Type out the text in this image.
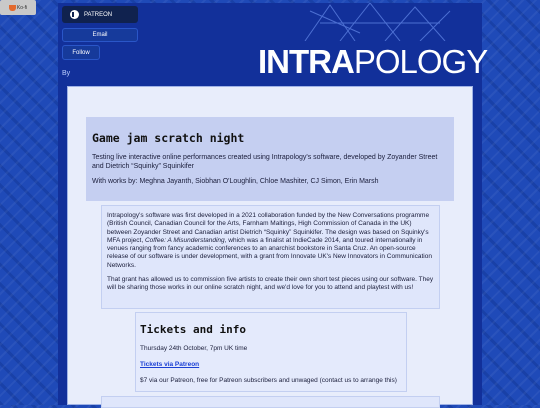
PATREON
Email
Follow
Ko-fi
By	INTRA POLOGY
Game jam scratch night

Testing live interactive online performances created using Intrapology's software, developed by Zoyander Street and Dietrich “Squinky” Squinkifer

With works by: Meghna Jayanth, Siobhan O'Loughlin, Chloe Mashiter, CJ Simon, Erin Marsh

Intrapology's software was first developed in a 2021 collaboration funded by the New Conversations programme (British Council, Canadian Council for the Arts, Farnham Maltings, High Commission of Canada in the UK) between Zoyander Street and Canadian artist Dietrich “Squinky” Squinkifer. The design was based on Squinky's MFA project, Coffee: A Misunderstanding, which was a finalist at IndieCade 2014, and toured internationally in venues ranging from fancy academic conferences to an anarchist bookstore in Santa Cruz. An open-source release of our software is under development, with a grant from Innovate UK's New Innovators in Communication Networks.

That grant has allowed us to commission five artists to create their own short test pieces using our software. They will be sharing those works in our online scratch night, and we'd love for you to attend and playtest with us!

Tickets and info

Thursday 24th October, 7pm UK time

Tickets via Patreon

$7 via our Patreon, free for Patreon subscribers and unwaged (contact us to arrange this)
